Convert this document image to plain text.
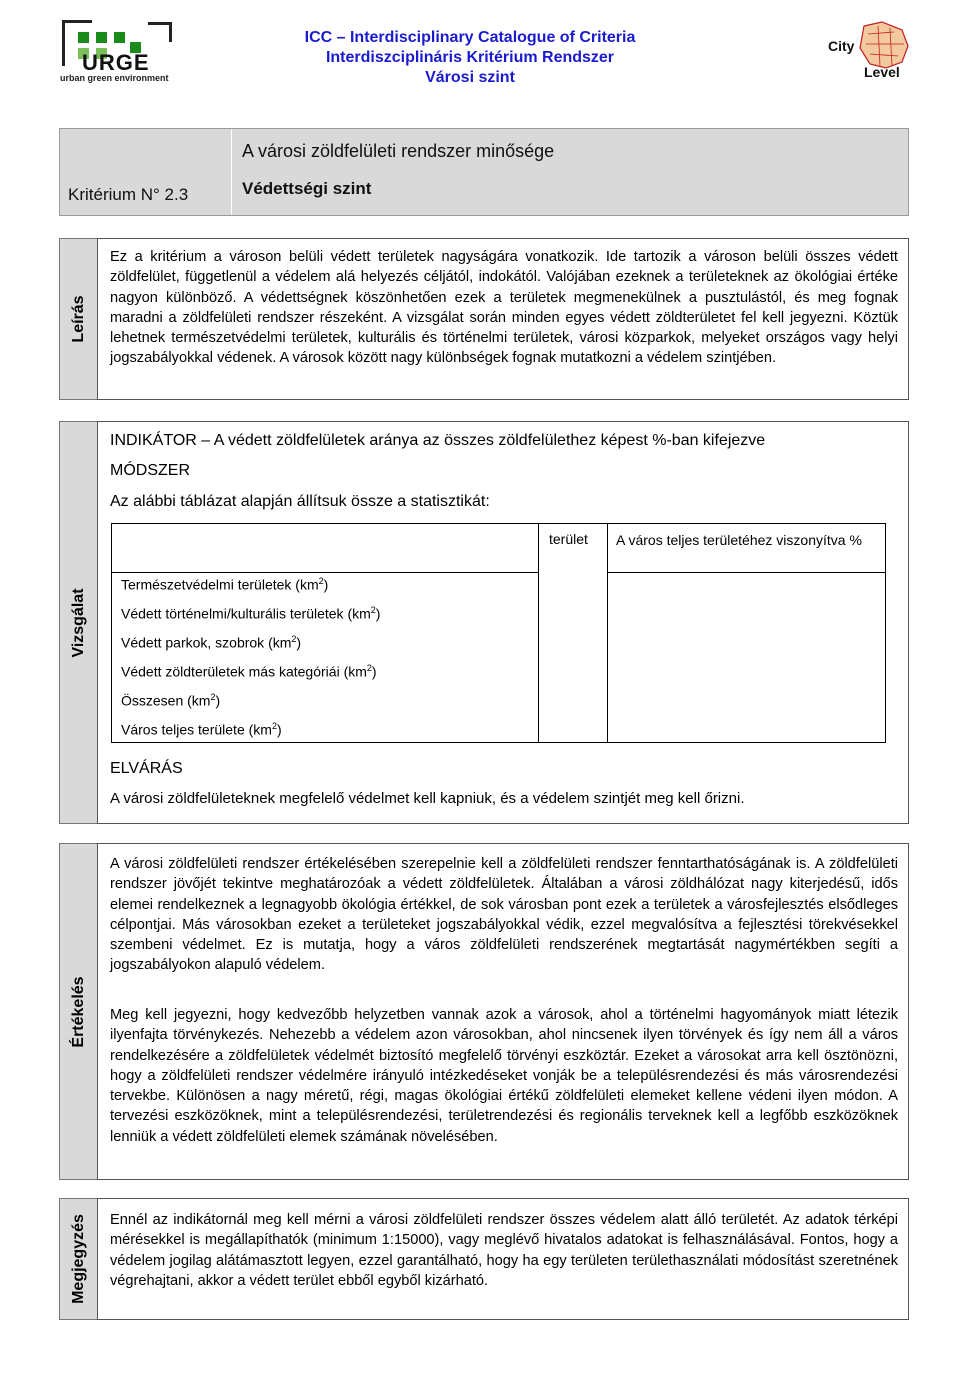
URGE
urban green environment
ICC – Interdisciplinary Catalogue of Criteria
Interdiszciplináris Kritérium Rendszer
Városi szint
City
Level
A városi zöldfelületi rendszer minősége
Kritérium N° 2.3	Védettségi szint
Leírás
Ez a kritérium a városon belüli védett területek nagyságára vonatkozik. Ide tartozik a városon belüli összes védett zöldfelület, függetlenül a védelem alá helyezés céljától, indokától. Valójában ezeknek a területeknek az ökológiai értéke nagyon különböző. A védettségnek köszönhetően ezek a területek megmenekülnek a pusztulástól, és meg fognak maradni a zöldfelületi rendszer részeként. A vizsgálat során minden egyes védett zöldterületet fel kell jegyezni. Köztük lehetnek természetvédelmi területek, kulturális és történelmi területek, városi közparkok, melyeket országos vagy helyi jogszabályokkal védenek. A városok között nagy különbségek fognak mutatkozni a védelem szintjében.
Vizsgálat
INDIKÁTOR – A védett zöldfelületek aránya az összes zöldfelülethez képest %-ban kifejezve
MÓDSZER
Az alábbi táblázat alapján állítsuk össze a statisztikát:
terület A város teljes területéhez viszonyítva %
Természetvédelmi területek $(km^2)$
Védett történelmi/kulturális területek $(km^2)$
Védett parkok, szobrok $(km^2)$
Védett zöldterületek más kategóriái $(km^2)$
Összesen $(km^2)$
Város teljes területe $(km^2)$
ELVÁRÁS
A városi zöldfelületeknek megfelelő védelmet kell kapniuk, és a védelem szintjét meg kell őrizni.
Értékelés
A városi zöldfelületi rendszer értékelésében szerepelnie kell a zöldfelületi rendszer fenntarthatóságának is. A zöldfelületi rendszer jövőjét tekintve meghatározóak a védett zöldfelületek. Általában a városi zöldhálózat nagy kiterjedésű, idős elemei rendelkeznek a legnagyobb ökológia értékkel, de sok városban pont ezek a területek a városfejlesztés elsődleges célpontjai. Más városokban ezeket a területeket jogszabályokkal védik, ezzel megvalósítva a fejlesztési törekvésekkel szembeni védelmet. Ez is mutatja, hogy a város zöldfelületi rendszerének megtartását nagymértékben segíti a jogszabályokon alapuló védelem.
Meg kell jegyezni, hogy kedvezőbb helyzetben vannak azok a városok, ahol a történelmi hagyományok miatt létezik ilyenfajta törvénykezés. Nehezebb a védelem azon városokban, ahol nincsenek ilyen törvények és így nem áll a város rendelkezésére a zöldfelületek védelmét biztosító megfelelő törvényi eszköztár. Ezeket a városokat arra kell ösztönözni, hogy a zöldfelületi rendszer védelmére irányuló intézkedéseket vonják be a településrendezési és más városrendezési tervekbe. Különösen a nagy méretű, régi, magas ökológiai értékű zöldfelületi elemeket kellene védeni ilyen módon. A tervezési eszközöknek, mint a településrendezési, területrendezési és regionális terveknek kell a legfőbb eszközöknek lenniük a védett zöldfelületi elemek számának növelésében.
Megjegyzés Ennél az indikátornál meg kell mérni a városi zöldfelületi rendszer összes védelem alatt álló területét. Az adatok térképi mérésekkel is megállapíthatók (minimum 1:15000), vagy meglévő hivatalos adatokat is felhasználásával. Fontos, hogy a védelem jogilag alátámasztott legyen, ezzel garantálható, hogy ha egy területen területhasználati módosítást szeretnének végrehajtani, akkor a védett terület ebből egyből kizárható.
